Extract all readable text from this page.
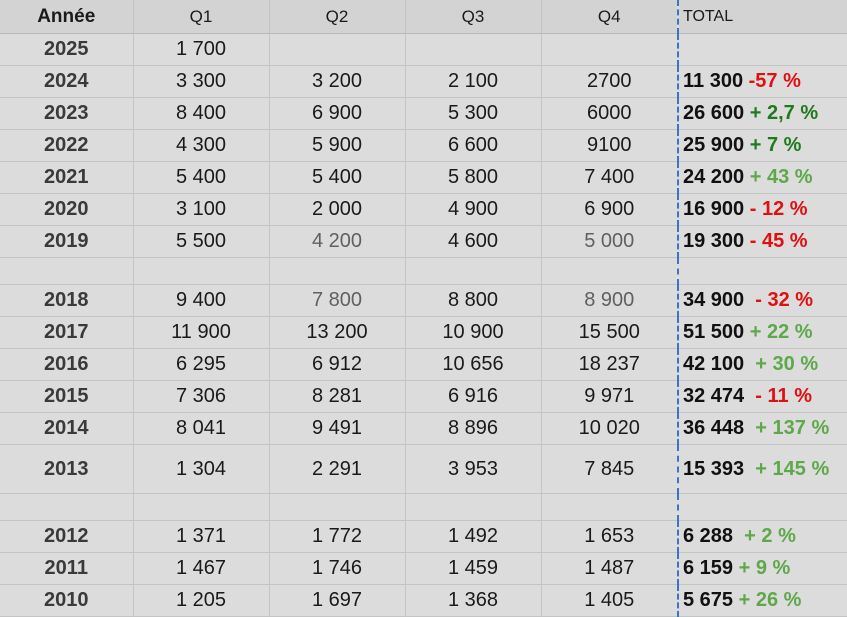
Année	Q1	Q2	Q3	Q4	TOTAL
2025	1 700				
2024	3 300	3 200	2 100	2700	11 300 -57 %
2023	8 400	6 900	5 300	6000	26 600 + 2,7 %
2022	4 300	5 900	6 600	9100	25 900 + 7 %
2021	5 400	5 400	5 800	7 400	24 200 + 43 %
2020	3 100	2 000	4 900	6 900	16 900 - 12 %
2019	5 500	4 200	4 600	5 000	19 300 - 45 %

2018	9 400	7 800	8 800	8 900	34 900  - 32 %
2017	11 900	13 200	10 900	15 500	51 500 + 22 %
2016	6 295	6 912	10 656	18 237	42 100  + 30 %
2015	7 306	8 281	6 916	9 971	32 474  - 11 %
2014	8 041	9 491	8 896	10 020	36 448  + 137 %
2013	1 304	2 291	3 953	7 845	15 393  + 145 %

2012	1 371	1 772	1 492	1 653	6 288  + 2 %
2011	1 467	1 746	1 459	1 487	6 159 + 9 %
2010	1 205	1 697	1 368	1 405	5 675 + 26 %
